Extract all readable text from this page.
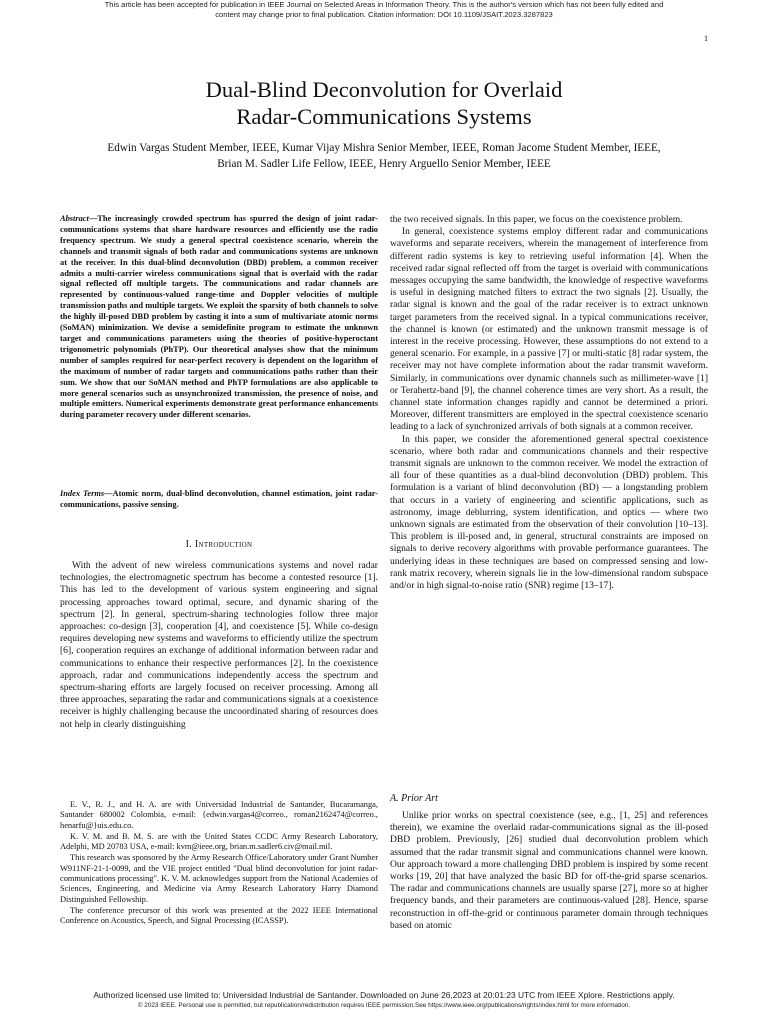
This article has been accepted for publication in IEEE Journal on Selected Areas in Information Theory. This is the author's version which has not been fully edited and
content may change prior to final publication. Citation information: DOI 10.1109/JSAIT.2023.3287823
1
Dual-Blind Deconvolution for Overlaid
Radar-Communications Systems
Edwin Vargas Student Member, IEEE, Kumar Vijay Mishra Senior Member, IEEE, Roman Jacome Student Member, IEEE,
Brian M. Sadler Life Fellow, IEEE, Henry Arguello Senior Member, IEEE
Abstract—The increasingly crowded spectrum has spurred the design of joint radar-communications systems that share hardware resources and efficiently use the radio frequency spectrum. We study a general spectral coexistence scenario, wherein the channels and transmit signals of both radar and communications systems are unknown at the receiver. In this dual-blind deconvolution (DBD) problem, a common receiver admits a multi-carrier wireless communications signal that is overlaid with the radar signal reflected off multiple targets. The communications and radar channels are represented by continuous-valued range-time and Doppler velocities of multiple transmission paths and multiple targets. We exploit the sparsity of both channels to solve the highly ill-posed DBD problem by casting it into a sum of multivariate atomic norms (SoMAN) minimization. We devise a semidefinite program to estimate the unknown target and communications parameters using the theories of positive-hyperoctant trigonometric polynomials (PhTP). Our theoretical analyses show that the minimum number of samples required for near-perfect recovery is dependent on the logarithm of the maximum of number of radar targets and communications paths rather than their sum. We show that our SoMAN method and PhTP formulations are also applicable to more general scenarios such as unsynchronized transmission, the presence of noise, and multiple emitters. Numerical experiments demonstrate great performance enhancements during parameter recovery under different scenarios.
Index Terms—Atomic norm, dual-blind deconvolution, channel estimation, joint radar-communications, passive sensing.
I. Introduction

With the advent of new wireless communications systems and novel radar technologies, the electromagnetic spectrum has become a contested resource [1]. This has led to the development of various system engineering and signal processing approaches toward optimal, secure, and dynamic sharing of the spectrum [2]. In general, spectrum-sharing technologies follow three major approaches: co-design [3], cooperation [4], and coexistence [5]. While co-design requires developing new systems and waveforms to efficiently utilize the spectrum [6], cooperation requires an exchange of additional information between radar and communications to enhance their respective performances [2]. In the coexistence approach, radar and communications independently access the spectrum and spectrum-sharing efforts are largely focused on receiver processing. Among all three approaches, separating the radar and communications signals at a coexistence receiver is highly challenging because the uncoordinated sharing of resources does not help in clearly distinguishing

E. V., R. J., and H. A. are with Universidad Industrial de Santander, Bucaramanga, Santander 680002 Colombia, e-mail: {edwin.vargas4@correo., roman2162474@correo., henarfu@}uis.edu.co.

K. V. M. and B. M. S. are with the United States CCDC Army Research Laboratory, Adelphi, MD 20783 USA, e-mail: kvm@ieee.org, brian.m.sadler6.civ@mail.mil.

This research was sponsored by the Army Research Office/Laboratory under Grant Number W911NF-21-1-0099, and the VIE project entitled "Dual blind deconvolution for joint radar-communications processing". K. V. M. acknowledges support from the National Academies of Sciences, Engineering, and Medicine via Army Research Laboratory Harry Diamond Distinguished Fellowship.

The conference precursor of this work was presented at the 2022 IEEE International Conference on Acoustics, Speech, and Signal Processing (ICASSP).

the two received signals. In this paper, we focus on the coexistence problem.

In general, coexistence systems employ different radar and communications waveforms and separate receivers, wherein the management of interference from different radio systems is key to retrieving useful information [4]. When the received radar signal reflected off from the target is overlaid with communications messages occupying the same bandwidth, the knowledge of respective waveforms is useful in designing matched filters to extract the two signals [2]. Usually, the radar signal is known and the goal of the radar receiver is to extract unknown target parameters from the received signal. In a typical communications receiver, the channel is known (or estimated) and the unknown transmit message is of interest in the receive processing. However, these assumptions do not extend to a general scenario. For example, in a passive [7] or multi-static [8] radar system, the receiver may not have complete information about the radar transmit waveform. Similarly, in communications over dynamic channels such as millimeter-wave [1] or Terahertz-band [9], the channel coherence times are very short. As a result, the channel state information changes rapidly and cannot be determined a priori. Moreover, different transmitters are employed in the spectral coexistence scenario leading to a lack of synchronized arrivals of both signals at a common receiver.

In this paper, we consider the aforementioned general spectral coexistence scenario, where both radar and communications channels and their respective transmit signals are unknown to the common receiver. We model the extraction of all four of these quantities as a dual-blind deconvolution (DBD) problem. This formulation is a variant of blind deconvolution (BD) — a longstanding problem that occurs in a variety of engineering and scientific applications, such as astronomy, image deblurring, system identification, and optics — where two unknown signals are estimated from the observation of their convolution [10–13]. This problem is ill-posed and, in general, structural constraints are imposed on signals to derive recovery algorithms with provable performance guarantees. The underlying ideas in these techniques are based on compressed sensing and low-rank matrix recovery, wherein signals lie in the low-dimensional random subspace and/or in high signal-to-noise ratio (SNR) regime [13–17].

A. Prior Art

Unlike prior works on spectral coexistence (see, e.g., [1, 25] and references therein), we examine the overlaid radar-communications signal as the ill-posed DBD problem. Previously, [26] studied dual deconvolution problem which assumed that the radar transmit signal and communications channel were known. Our approach toward a more challenging DBD problem is inspired by some recent works [19, 20] that have analyzed the basic BD for off-the-grid sparse scenarios. The radar and communications channels are usually sparse [27], more so at higher frequency bands, and their parameters are continuous-valued [28]. Hence, sparse reconstruction in off-the-grid or continuous parameter domain through techniques based on atomic

Authorized licensed use limited to: Universidad Industrial de Santander. Downloaded on June 26,2023 at 20:01:23 UTC from IEEE Xplore. Restrictions apply.
© 2023 IEEE. Personal use is permitted, but republication/redistribution requires IEEE permission.See https://www.ieee.org/publications/rights/index.html for more information.
